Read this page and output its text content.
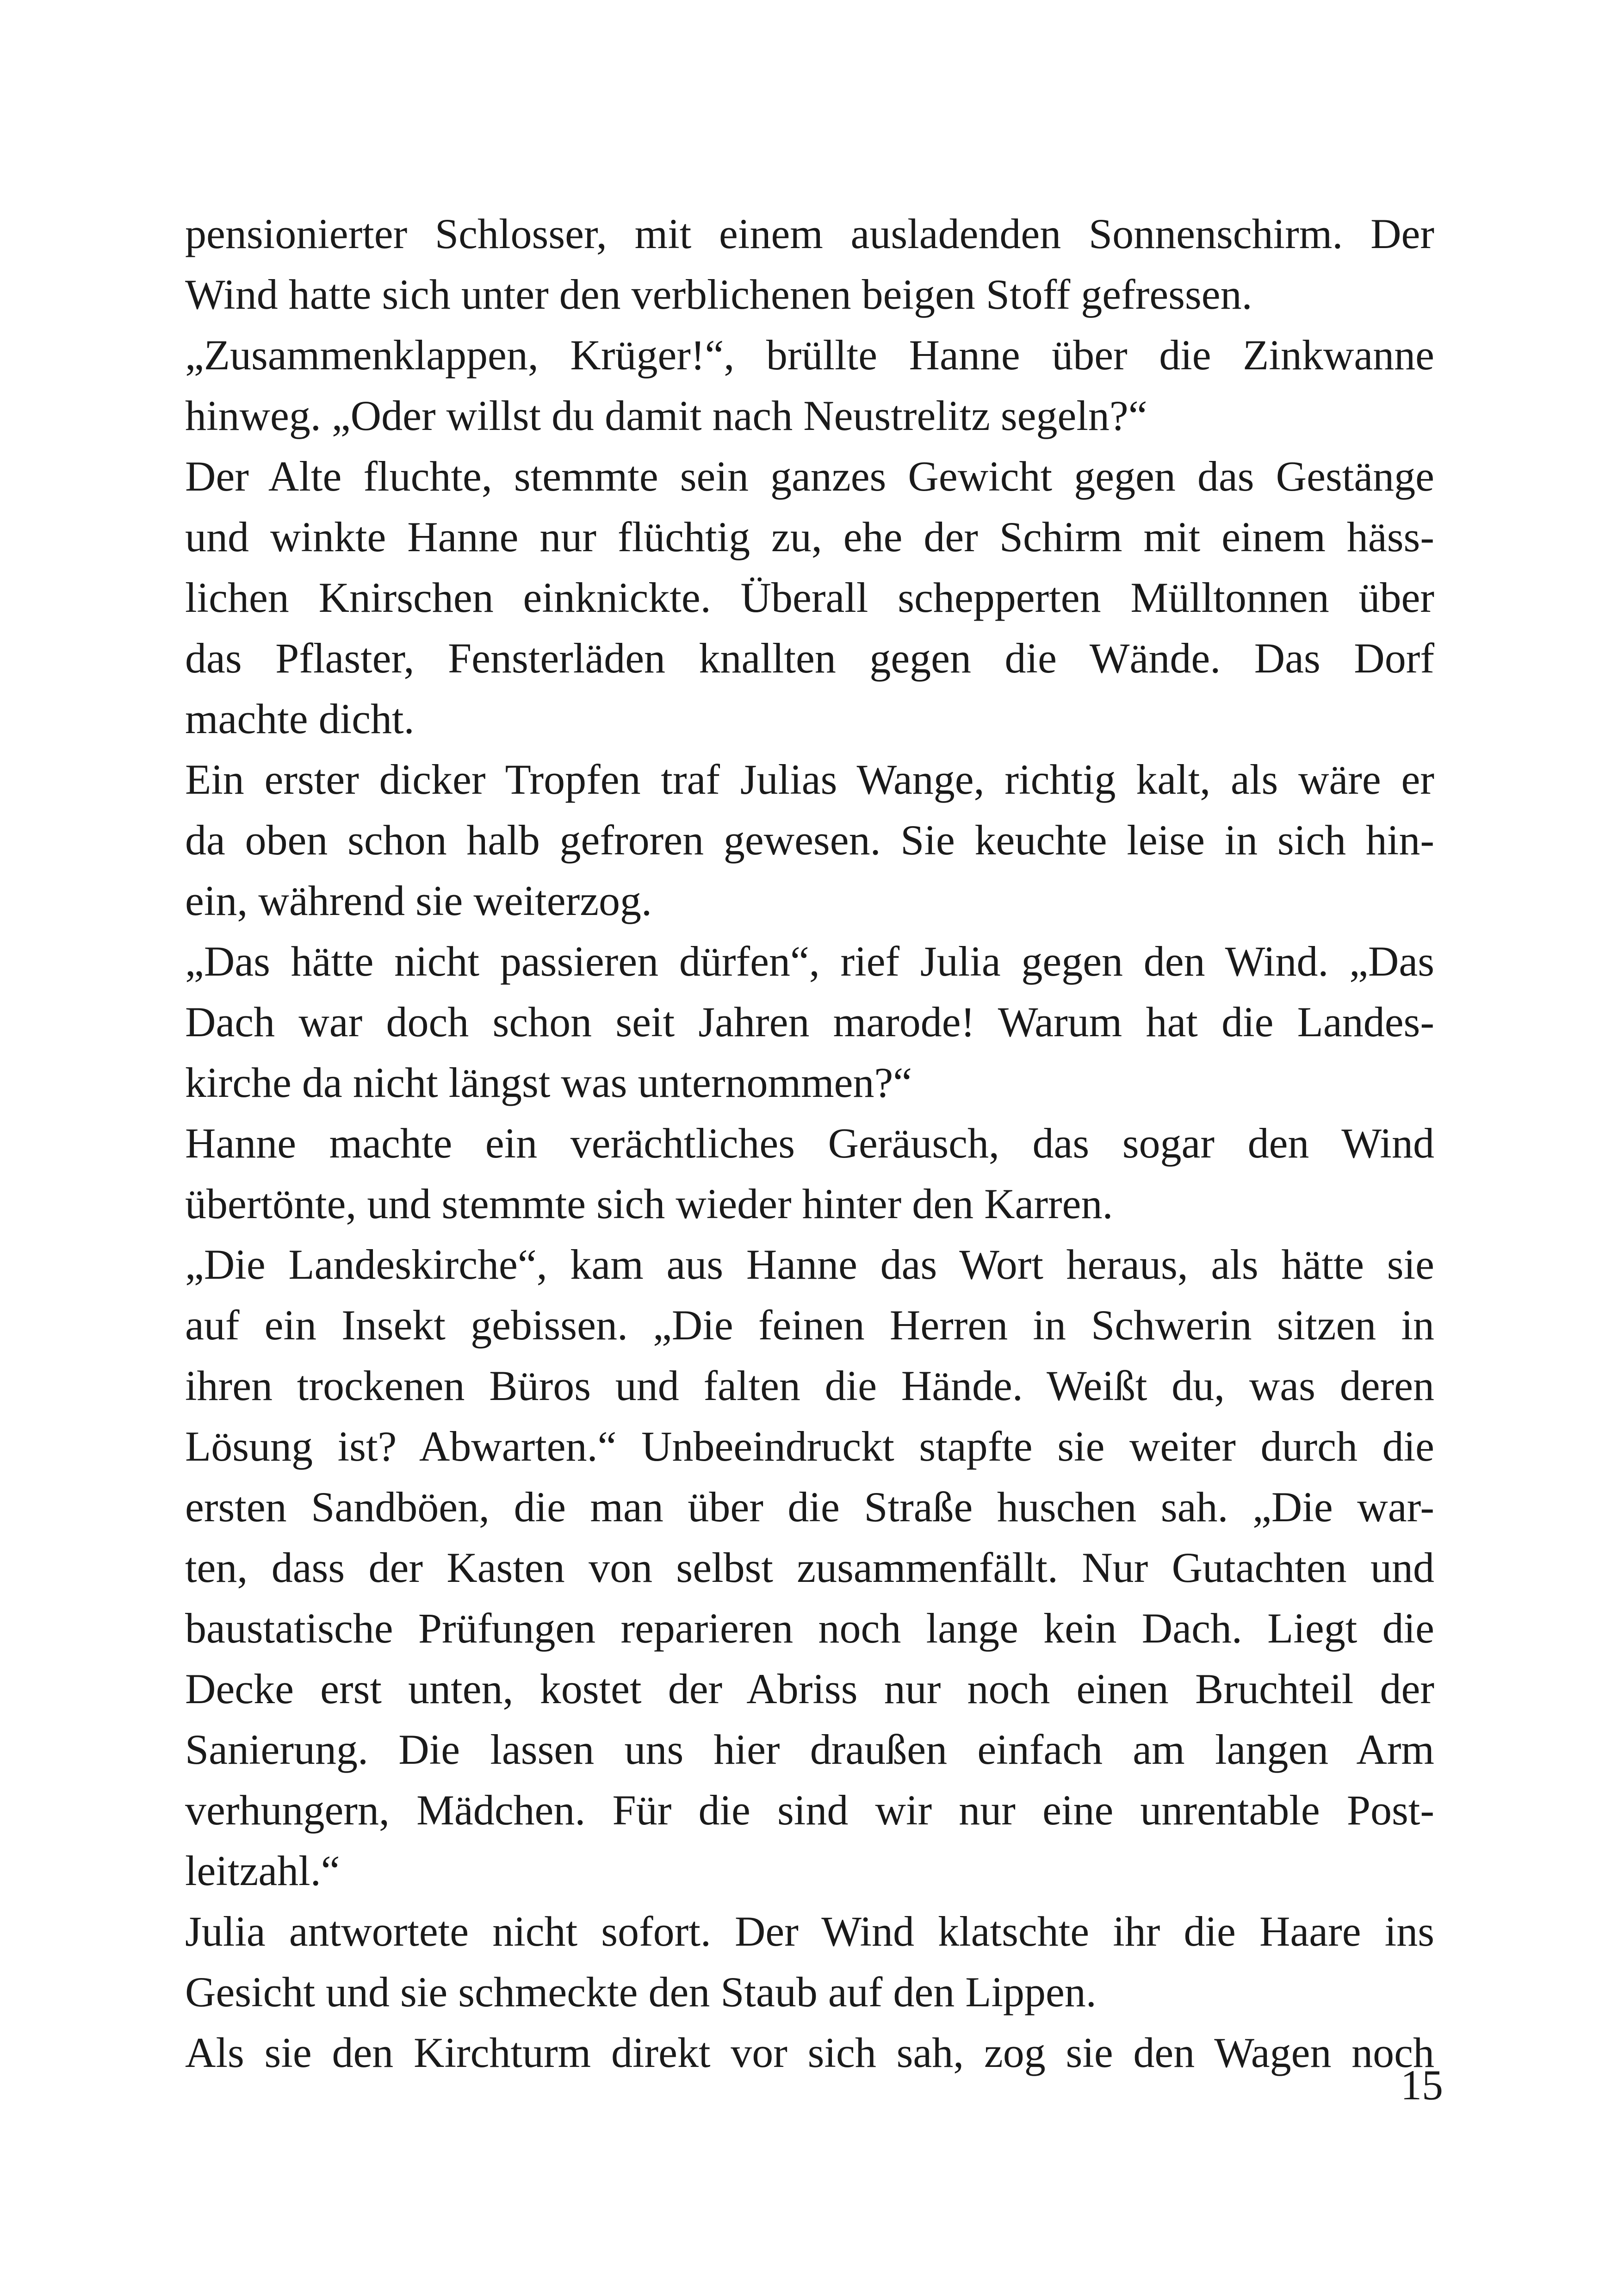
pensionierter Schlosser, mit einem ausladenden Sonnenschirm. Der
Wind hatte sich unter den verblichenen beigen Stoff gefressen.
„Zusammenklappen, Krüger!“, brüllte Hanne über die Zinkwanne
hinweg. „Oder willst du damit nach Neustrelitz segeln?“
Der Alte fluchte, stemmte sein ganzes Gewicht gegen das Gestänge
und winkte Hanne nur flüchtig zu, ehe der Schirm mit einem häss-
lichen Knirschen einknickte. Überall schepperten Mülltonnen über
das Pflaster, Fensterläden knallten gegen die Wände. Das Dorf
machte dicht.
Ein erster dicker Tropfen traf Julias Wange, richtig kalt, als wäre er
da oben schon halb gefroren gewesen. Sie keuchte leise in sich hin-
ein, während sie weiterzog.
„Das hätte nicht passieren dürfen“, rief Julia gegen den Wind. „Das
Dach war doch schon seit Jahren marode! Warum hat die Landes-
kirche da nicht längst was unternommen?“
Hanne machte ein verächtliches Geräusch, das sogar den Wind
übertönte, und stemmte sich wieder hinter den Karren.
„Die Landeskirche“, kam aus Hanne das Wort heraus, als hätte sie
auf ein Insekt gebissen. „Die feinen Herren in Schwerin sitzen in
ihren trockenen Büros und falten die Hände. Weißt du, was deren
Lösung ist? Abwarten.“ Unbeeindruckt stapfte sie weiter durch die
ersten Sandböen, die man über die Straße huschen sah. „Die war-
ten, dass der Kasten von selbst zusammenfällt. Nur Gutachten und
baustatische Prüfungen reparieren noch lange kein Dach. Liegt die
Decke erst unten, kostet der Abriss nur noch einen Bruchteil der
Sanierung. Die lassen uns hier draußen einfach am langen Arm
verhungern, Mädchen. Für die sind wir nur eine unrentable Post-
leitzahl.“
Julia antwortete nicht sofort. Der Wind klatschte ihr die Haare ins
Gesicht und sie schmeckte den Staub auf den Lippen.
Als sie den Kirchturm direkt vor sich sah, zog sie den Wagen noch
15
